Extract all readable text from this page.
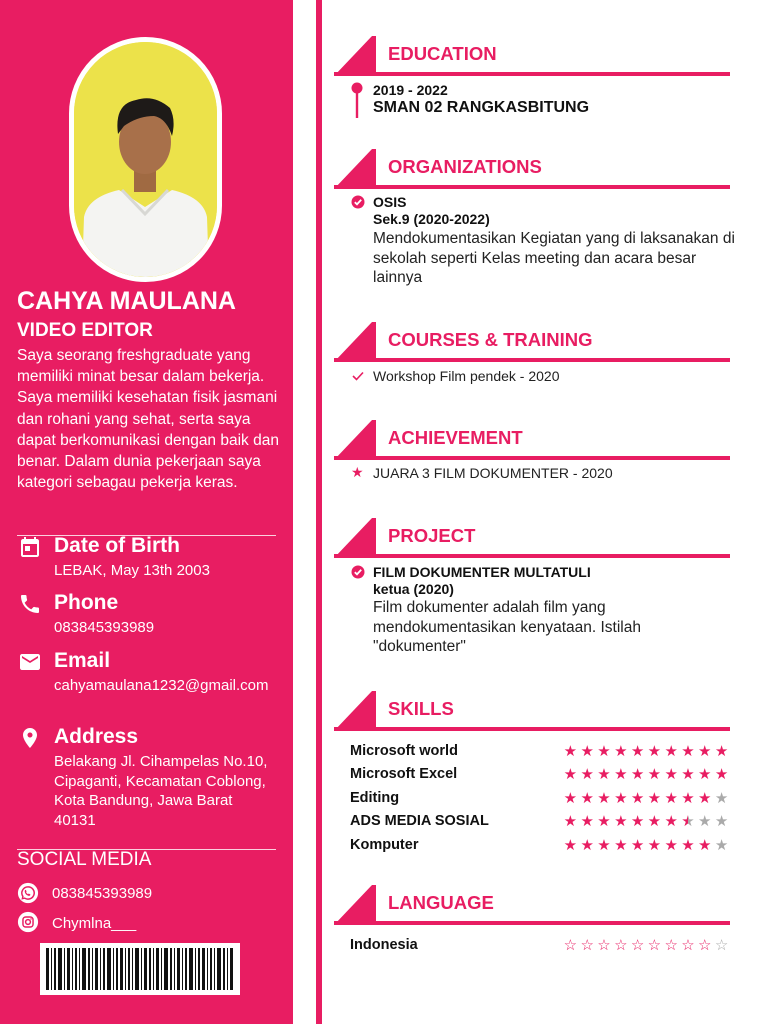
CAHYA MAULANA
VIDEO EDITOR
Saya seorang freshgraduate yang memiliki minat besar dalam bekerja. Saya memiliki kesehatan fisik jasmani dan rohani yang sehat, serta saya dapat berkomunikasi dengan baik dan benar. Dalam dunia pekerjaan saya kategori sebagau pekerja keras.
Date of Birth
LEBAK, May 13th 2003
Phone
083845393989
Email
cahyamaulana1232@gmail.com
Address
Belakang Jl. Cihampelas No.10, Cipaganti, Kecamatan Coblong, Kota Bandung, Jawa Barat 40131
SOCIAL MEDIA
083845393989
Chymlna___
EDUCATION
2019 - 2022
SMAN 02 RANGKASBITUNG
ORGANIZATIONS
OSIS
Sek.9 (2020-2022)
Mendokumentasikan Kegiatan yang di laksanakan di sekolah seperti Kelas meeting dan acara besar lainnya
COURSES & TRAINING
Workshop Film pendek - 2020
ACHIEVEMENT
★ JUARA 3 FILM DOKUMENTER - 2020
PROJECT
FILM DOKUMENTER MULTATULI
ketua (2020)
Film dokumenter adalah film yang mendokumentasikan kenyataan. Istilah "dokumenter"
SKILLS
Microsoft world	★ ★ ★ ★ ★ ★ ★ ★ ★ ★
Microsoft Excel	★ ★ ★ ★ ★ ★ ★ ★ ★ ★
Editing	★ ★ ★ ★ ★ ★ ★ ★ ★ ★
ADS MEDIA SOSIAL	★ ★ ★ ★ ★ ★ ★ ★ ★ ★
Komputer	★ ★ ★ ★ ★ ★ ★ ★ ★ ★
LANGUAGE
Indonesia	☆ ☆ ☆ ☆ ☆ ☆ ☆ ☆ ☆ ☆
